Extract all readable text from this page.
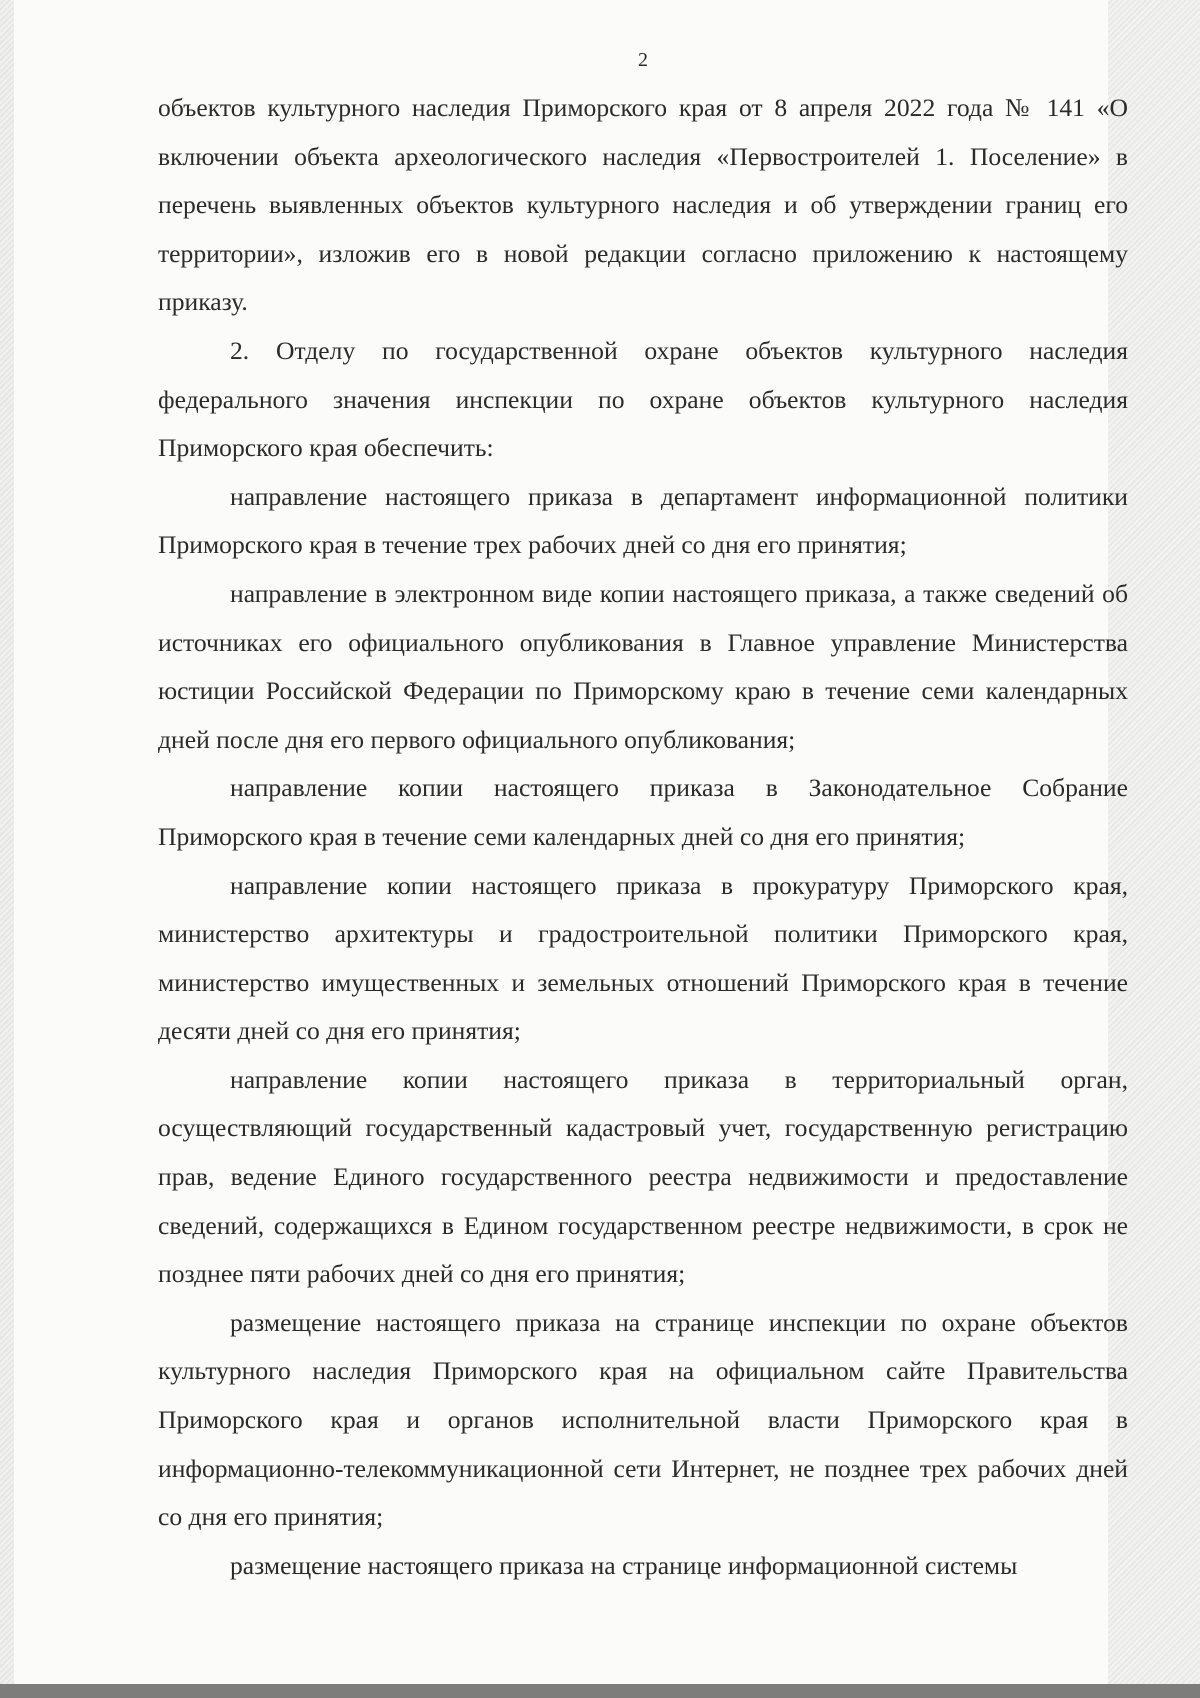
2

объектов культурного наследия Приморского края от 8 апреля 2022 года № 141 «О включении объекта археологического наследия «Первостроителей 1. Поселение» в перечень выявленных объектов культурного наследия и об утверждении границ его территории», изложив его в новой редакции согласно приложению к настоящему приказу.

2. Отделу по государственной охране объектов культурного наследия федерального значения инспекции по охране объектов культурного наследия Приморского края обеспечить:

направление настоящего приказа в департамент информационной политики Приморского края в течение трех рабочих дней со дня его принятия;

направление в электронном виде копии настоящего приказа, а также сведений об источниках его официального опубликования в Главное управление Министерства юстиции Российской Федерации по Приморскому краю в течение семи календарных дней после дня его первого официального опубликования;

направление копии настоящего приказа в Законодательное Собрание Приморского края в течение семи календарных дней со дня его принятия;

направление копии настоящего приказа в прокуратуру Приморского края, министерство архитектуры и градостроительной политики Приморского края, министерство имущественных и земельных отношений Приморского края в течение десяти дней со дня его принятия;

направление копии настоящего приказа в территориальный орган, осуществляющий государственный кадастровый учет, государственную регистрацию прав, ведение Единого государственного реестра недвижимости и предоставление сведений, содержащихся в Едином государственном реестре недвижимости, в срок не позднее пяти рабочих дней со дня его принятия;

размещение настоящего приказа на странице инспекции по охране объектов культурного наследия Приморского края на официальном сайте Правительства Приморского края и органов исполнительной власти Приморского края в информационно-телекоммуникационной сети Интернет, не позднее трех рабочих дней со дня его принятия;

размещение настоящего приказа на странице информационной системы
